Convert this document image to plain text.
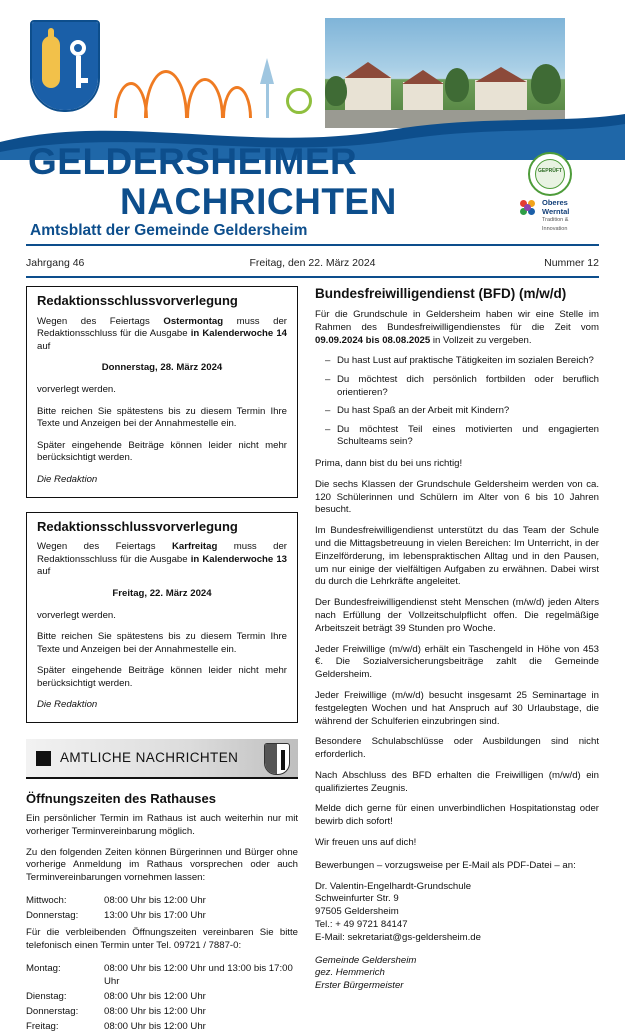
GELDERSHEIMER
NACHRICHTEN
Amtsblatt der Gemeinde Geldersheim
GEPRÜFT
Oberes Werntal
Tradition & Innovation
Jahrgang 46	Freitag, den 22. März 2024	Nummer 12
Redaktionsschlussvorverlegung

Wegen des Feiertags Ostermontag muss der Redaktionsschluss für die Ausgabe in Kalenderwoche 14 auf

Donnerstag, 28. März 2024

vorverlegt werden.

Bitte reichen Sie spätestens bis zu diesem Termin Ihre Texte und Anzeigen bei der Annahmestelle ein.

Später eingehende Beiträge können leider nicht mehr berücksichtigt werden.

Die Redaktion

Redaktionsschlussvorverlegung

Wegen des Feiertags Karfreitag muss der Redaktionsschluss für die Ausgabe in Kalenderwoche 13 auf

Freitag, 22. März 2024

vorverlegt werden.

Bitte reichen Sie spätestens bis zu diesem Termin Ihre Texte und Anzeigen bei der Annahmestelle ein.

Später eingehende Beiträge können leider nicht mehr berücksichtigt werden.

Die Redaktion

AMTLICHE NACHRICHTEN
Öffnungszeiten des Rathauses

Ein persönlicher Termin im Rathaus ist auch weiterhin nur mit vorheriger Terminvereinbarung möglich.

Zu den folgenden Zeiten können Bürgerinnen und Bürger ohne vorherige Anmeldung im Rathaus vorsprechen oder auch Terminvereinbarungen vornehmen lassen:

Mittwoch:	08:00 Uhr bis 12:00 Uhr
Donnerstag:	13:00 Uhr bis 17:00 Uhr

Für die verbleibenden Öffnungszeiten vereinbaren Sie bitte telefonisch einen Termin unter Tel. 09721 / 7887-0:

Montag:	08:00 Uhr bis 12:00 Uhr und 13:00 bis 17:00 Uhr
Dienstag:	08:00 Uhr bis 12:00 Uhr
Donnerstag:	08:00 Uhr bis 12:00 Uhr
Freitag:	08:00 Uhr bis 12:00 Uhr
Bundesfreiwilligendienst (BFD) (m/w/d)

Für die Grundschule in Geldersheim haben wir eine Stelle im Rahmen des Bundesfreiwilligendienstes für die Zeit vom 09.09.2024 bis 08.08.2025 in Vollzeit zu vergeben.

– Du hast Lust auf praktische Tätigkeiten im sozialen Bereich?
– Du möchtest dich persönlich fortbilden oder beruflich orientieren?
– Du hast Spaß an der Arbeit mit Kindern?
– Du möchtest Teil eines motivierten und engagierten Schulteams sein?

Prima, dann bist du bei uns richtig!

Die sechs Klassen der Grundschule Geldersheim werden von ca. 120 Schülerinnen und Schülern im Alter von 6 bis 10 Jahren besucht.

Im Bundesfreiwilligendienst unterstützt du das Team der Schule und die Mittagsbetreuung in vielen Bereichen: Im Unterricht, in der Einzelförderung, im lebenspraktischen Alltag und in den Pausen, um nur einige der vielfältigen Aufgaben zu erwähnen. Dabei wirst du durch die Lehrkräfte angeleitet.

Der Bundesfreiwilligendienst steht Menschen (m/w/d) jeden Alters nach Erfüllung der Vollzeitschulpflicht offen. Die regelmäßige Arbeitszeit beträgt 39 Stunden pro Woche.

Jeder Freiwillige (m/w/d) erhält ein Taschengeld in Höhe von 453 €. Die Sozialversicherungsbeiträge zahlt die Gemeinde Geldersheim.

Jeder Freiwillige (m/w/d) besucht insgesamt 25 Seminartage in festgelegten Wochen und hat Anspruch auf 30 Urlaubstage, die während der Schulferien einzubringen sind.

Besondere Schulabschlüsse oder Ausbildungen sind nicht erforderlich.

Nach Abschluss des BFD erhalten die Freiwilligen (m/w/d) ein qualifiziertes Zeugnis.

Melde dich gerne für einen unverbindlichen Hospitationstag oder bewirb dich sofort!

Wir freuen uns auf dich!

Bewerbungen – vorzugsweise per E-Mail als PDF-Datei – an:

Dr. Valentin-Engelhardt-Grundschule
Schweinfurter Str. 9
97505 Geldersheim
Tel.: + 49 9721 84147
E-Mail: sekretariat@gs-geldersheim.de
Gemeinde Geldersheim
gez. Hemmerich
Erster Bürgermeister
